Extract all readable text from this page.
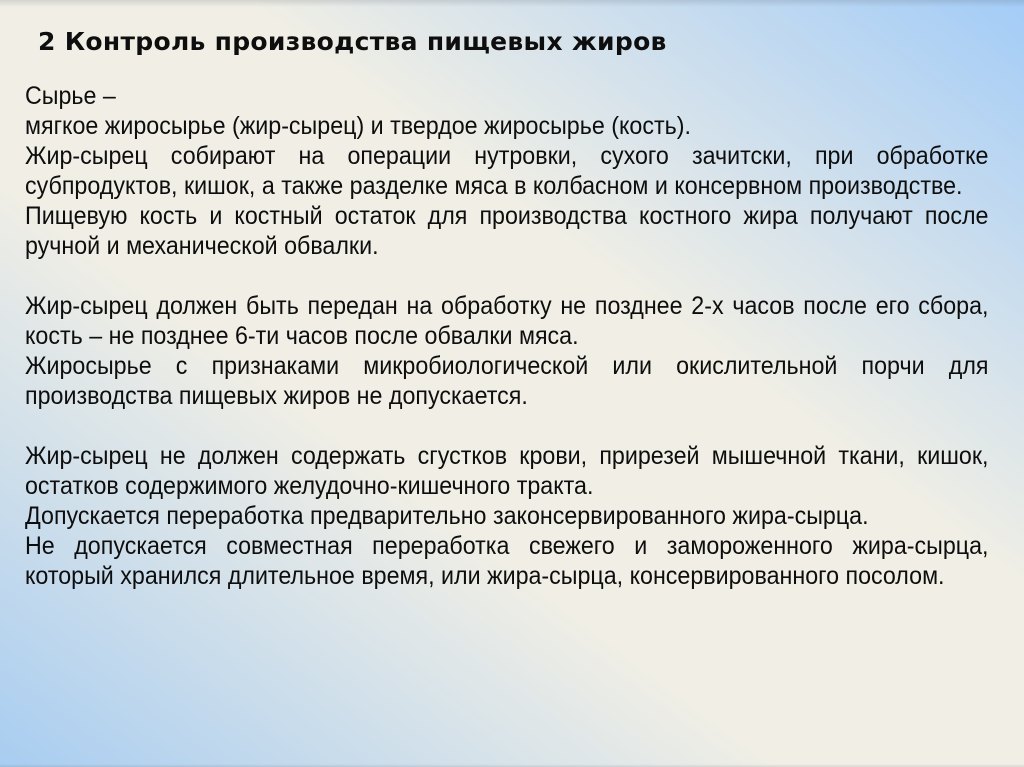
2 Контроль производства пищевых жиров

Сырье –

мягкое жиросырье (жир-сырец) и твердое жиросырье (кость).

Жир-сырец собирают на операции нутровки, сухого зачитски, при обработке субпродуктов, кишок, а также разделке мяса в колбасном и консервном производстве.

Пищевую кость и костный остаток для производства костного жира получают после ручной и механической обвалки.

Жир-сырец должен быть передан на обработку не позднее 2-х часов после его сбора, кость – не позднее 6-ти часов после обвалки мяса.

Жиросырье с признаками микробиологической или окислительной порчи для производства пищевых жиров не допускается.

Жир-сырец не должен содержать сгустков крови, прирезей мышечной ткани, кишок, остатков содержимого желудочно-кишечного тракта.

Допускается переработка предварительно законсервированного жира-сырца.

Не допускается совместная переработка свежего и замороженного жира-сырца, который хранился длительное время, или жира-сырца, консервированного посолом.
